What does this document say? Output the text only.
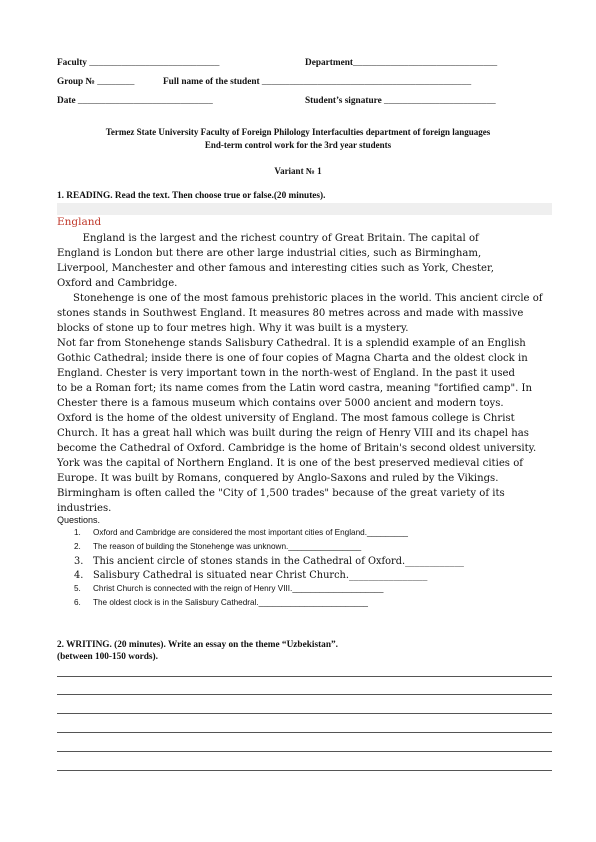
Faculty ____________________________	Department_______________________________
Group № ________	Full name of the student _____________________________________________
Date _____________________________	Student’s signature ________________________
Termez State University Faculty of Foreign Philology Interfaculties department of foreign languages
End-term control work for the 3rd year students
Variant № 1
1. READING. Read the text. Then choose true or false.(20 minutes).
England
England is the largest and the richest country of Great Britain. The capital of
England is London but there are other large industrial cities, such as Birmingham,
Liverpool, Manchester and other famous and interesting cities such as York, Chester,
Oxford and Cambridge.
Stonehenge is one of the most famous prehistoric places in the world. This ancient circle of
stones stands in Southwest England. It measures 80 metres across and made with massive
blocks of stone up to four metres high. Why it was built is a mystery.
Not far from Stonehenge stands Salisbury Cathedral. It is a splendid example of an English
Gothic Cathedral; inside there is one of four copies of Magna Charta and the oldest clock in
England. Chester is very important town in the north-west of England. In the past it used
to be a Roman fort; its name comes from the Latin word castra, meaning "fortified camp". In
Chester there is a famous museum which contains over 5000 ancient and modern toys.
Oxford is the home of the oldest university of England. The most famous college is Christ
Church. It has a great hall which was built during the reign of Henry VIII and its chapel has
become the Cathedral of Oxford. Cambridge is the home of Britain's second oldest university.
York was the capital of Northern England. It is one of the best preserved medieval cities of
Europe. It was built by Romans, conquered by Anglo-Saxons and ruled by the Vikings.
Birmingham is often called the "City of 1,500 trades" because of the great variety of its
industries.
Questions.
1.	Oxford and Cambridge are considered the most important cities of England._________
2.	The reason of building the Stonehenge was unknown.________________
3. This ancient circle of stones stands in the Cathedral of Oxford.____________
4. Salisbury Cathedral is situated near Christ Church.________________
5.	Christ Church is connected with the reign of Henry VIII.____________________
6.	The oldest clock is in the Salisbury Cathedral.________________________
2. WRITING. (20 minutes). Write an essay on the theme “Uzbekistan”.
(between 100-150 words).
